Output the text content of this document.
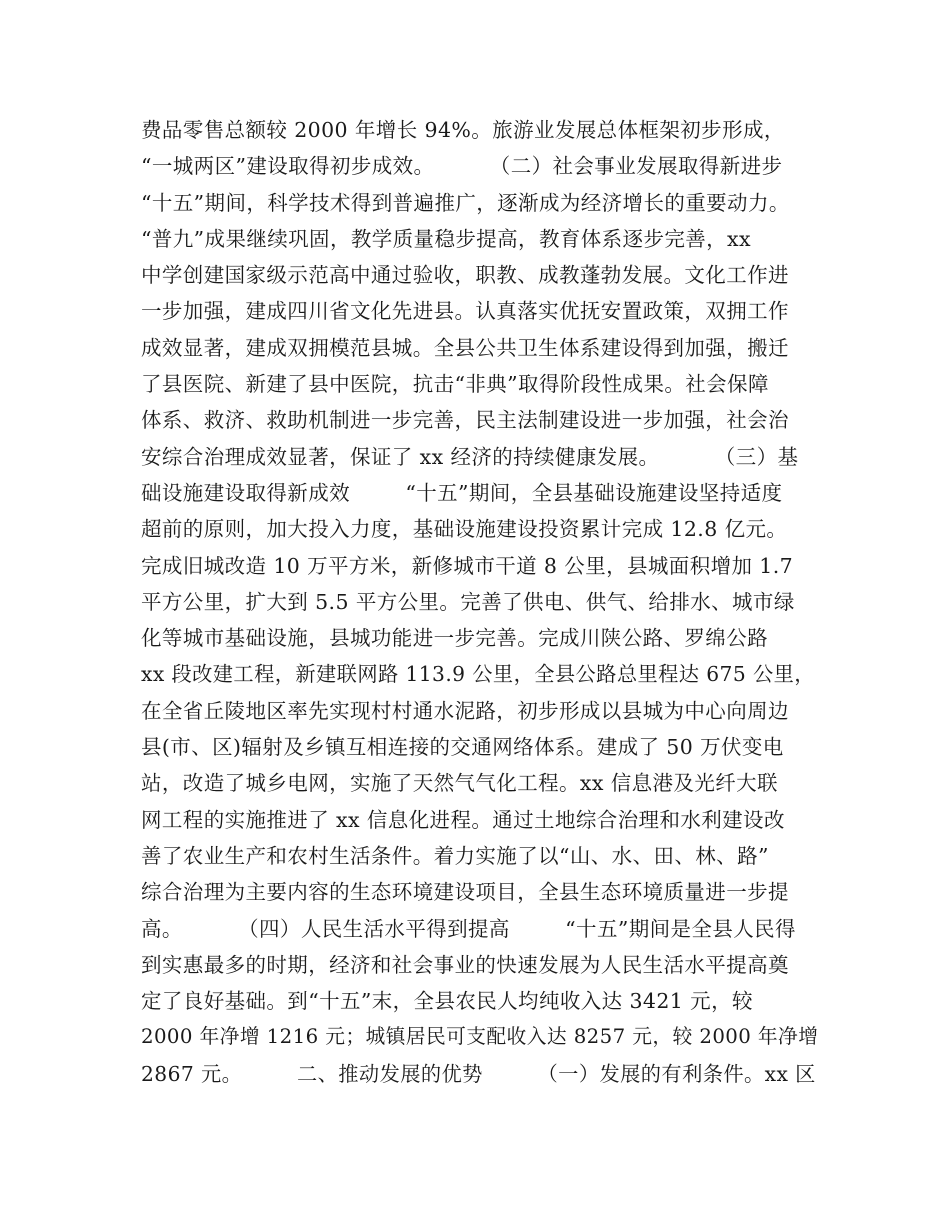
费品零售总额较 2000 年增长 94%。旅游业发展总体框架初步形成，
“一城两区”建设取得初步成效。        （二）社会事业发展取得新进步
“十五”期间，科学技术得到普遍推广，逐渐成为经济增长的重要动力。
“普九”成果继续巩固，教学质量稳步提高，教育体系逐步完善，xx
中学创建国家级示范高中通过验收，职教、成教蓬勃发展。文化工作进
一步加强，建成四川省文化先进县。认真落实优抚安置政策，双拥工作
成效显著，建成双拥模范县城。全县公共卫生体系建设得到加强，搬迁
了县医院、新建了县中医院，抗击“非典”取得阶段性成果。社会保障
体系、救济、救助机制进一步完善，民主法制建设进一步加强，社会治
安综合治理成效显著，保证了 xx 经济的持续健康发展。        （三）基
础设施建设取得新成效        “十五”期间，全县基础设施建设坚持适度
超前的原则，加大投入力度，基础设施建设投资累计完成 12.8 亿元。
完成旧城改造 10 万平方米，新修城市干道 8 公里，县城面积增加 1.7
平方公里，扩大到 5.5 平方公里。完善了供电、供气、给排水、城市绿
化等城市基础设施，县城功能进一步完善。完成川陕公路、罗绵公路
xx 段改建工程，新建联网路 113.9 公里，全县公路总里程达 675 公里，
在全省丘陵地区率先实现村村通水泥路，初步形成以县城为中心向周边
县(市、区)辐射及乡镇互相连接的交通网络体系。建成了 50 万伏变电
站，改造了城乡电网，实施了天然气气化工程。xx 信息港及光纤大联
网工程的实施推进了 xx 信息化进程。通过土地综合治理和水利建设改
善了农业生产和农村生活条件。着力实施了以“山、水、田、林、路”
综合治理为主要内容的生态环境建设项目，全县生态环境质量进一步提
高。        （四）人民生活水平得到提高        “十五”期间是全县人民得
到实惠最多的时期，经济和社会事业的快速发展为人民生活水平提高奠
定了良好基础。到“十五”末，全县农民人均纯收入达 3421 元，较
2000 年净增 1216 元；城镇居民可支配收入达 8257 元，较 2000 年净增
2867 元。        二、推动发展的优势        （一）发展的有利条件。xx 区
